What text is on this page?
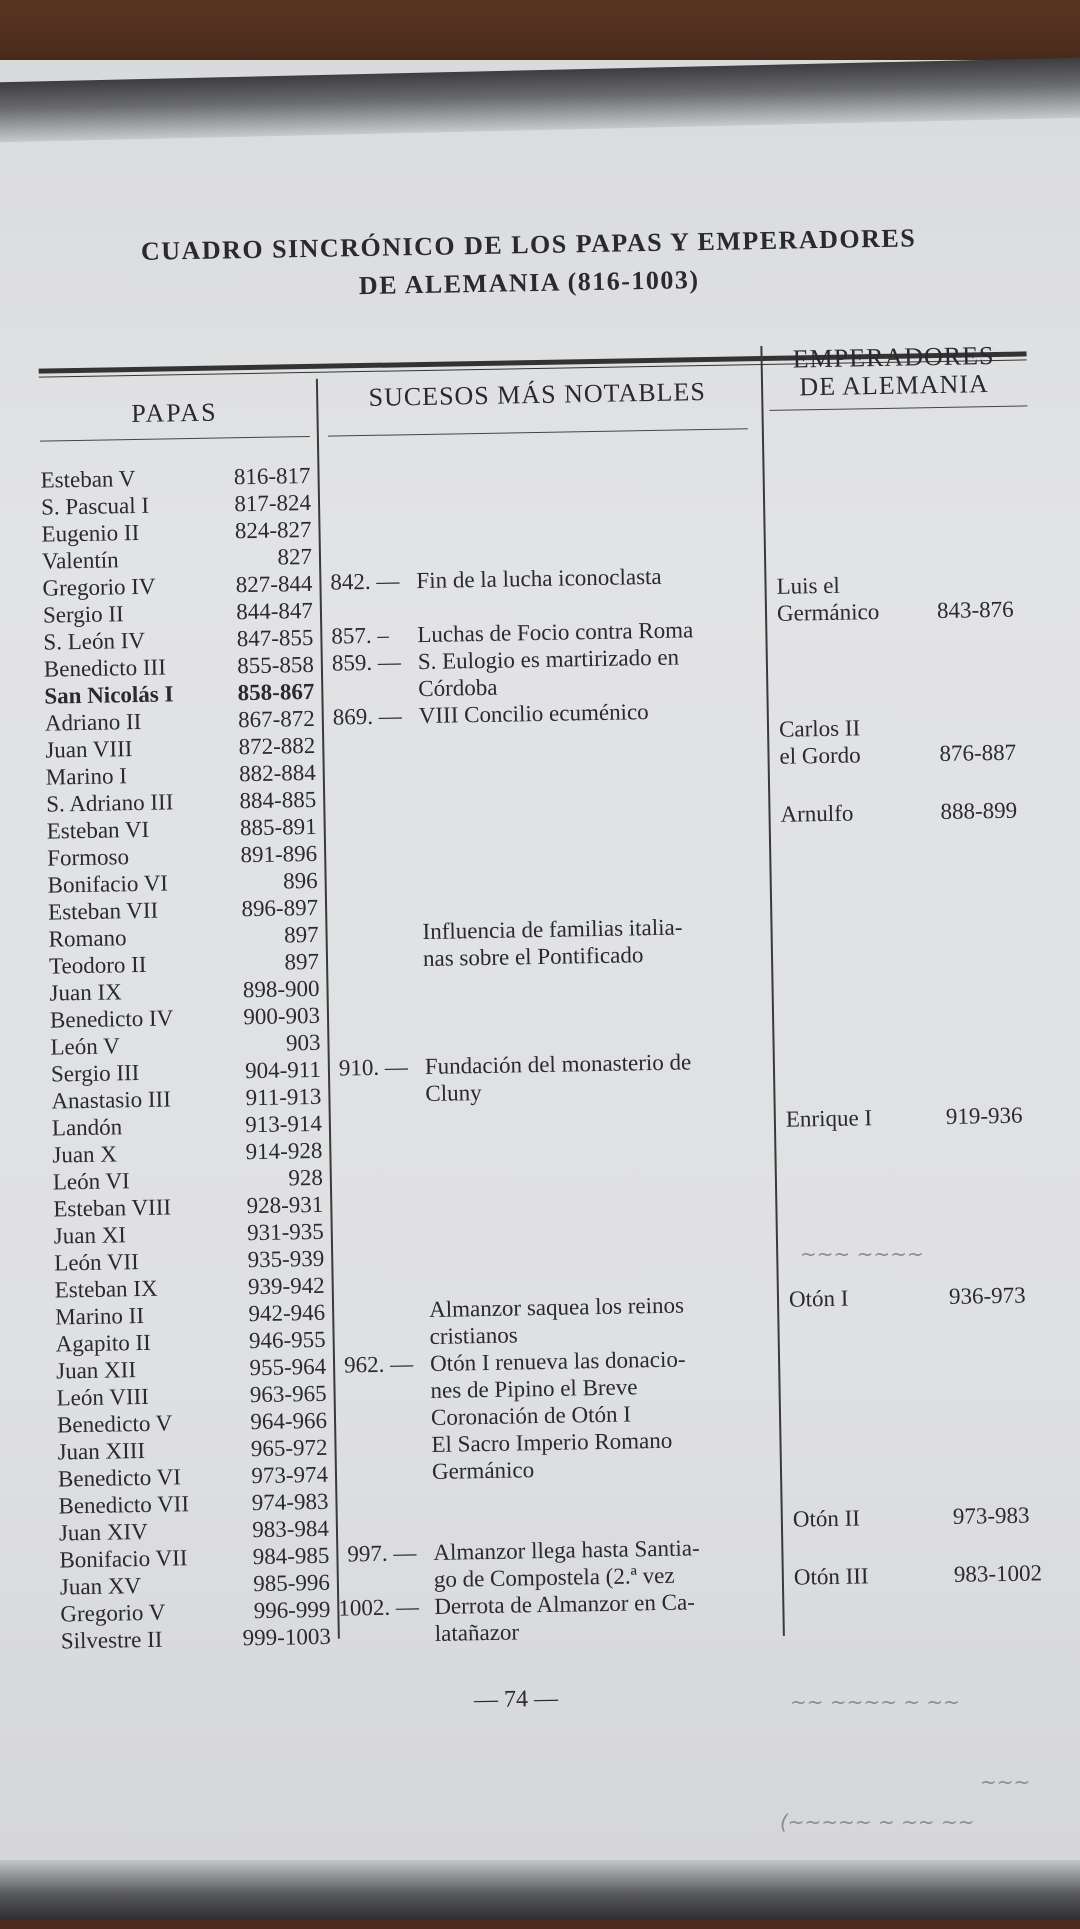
CUADRO SINCRÓNICO DE LOS PAPAS Y EMPERADORES
DE ALEMANIA (816-1003)
PAPAS
SUCESOS MÁS NOTABLES
EMPERADORES
DE ALEMANIA
Esteban V	816-817
S. Pascual I	817-824
Eugenio II	824-827
Valentín	827
Gregorio IV	827-844
Sergio II	844-847
S. León IV	847-855
Benedicto III	855-858
San Nicolás I	858-867
Adriano II	867-872
Juan VIII	872-882
Marino I	882-884
S. Adriano III	884-885
Esteban VI	885-891
Formoso	891-896
Bonifacio VI	896
Esteban VII	896-897
Romano	897
Teodoro II	897
Juan IX	898-900
Benedicto IV	900-903
León V	903
Sergio III	904-911
Anastasio III	911-913
Landón	913-914
Juan X	914-928
León VI	928
Esteban VIII	928-931
Juan XI	931-935
León VII	935-939
Esteban IX	939-942
Marino II	942-946
Agapito II	946-955
Juan XII	955-964
León VIII	963-965
Benedicto V	964-966
Juan XIII	965-972
Benedicto VI	973-974
Benedicto VII	974-983
Juan XIV	983-984
Bonifacio VII	984-985
Juan XV	985-996
Gregorio V	996-999
Silvestre II	999-1003
842. — Fin de la lucha iconoclasta
857. – Luchas de Focio contra Roma
859. — S. Eulogio es martirizado en
Córdoba
869. — VIII Concilio ecuménico
Influencia de familias italia-
nas sobre el Pontificado
910. — Fundación del monasterio de
Cluny
Almanzor saquea los reinos
cristianos
962. — Otón I renueva las donacio-
nes de Pipino el Breve
Coronación de Otón I
El Sacro Imperio Romano
Germánico
997. — Almanzor llega hasta Santia-
go de Compostela (2.ª vez
1002. — Derrota de Almanzor en Ca-
latañazor
Luis el
Germánico 843-876
Carlos II
el Gordo	876-887
Arnulfo	888-899
Enrique I	919-936
Otón I	936-973
Otón II	973-983
Otón III	983-1002
— 74 —
~~~ ~~~~
~~ ~~~~ ~ ~~
~~~
(~~~~~ ~ ~~ ~~
